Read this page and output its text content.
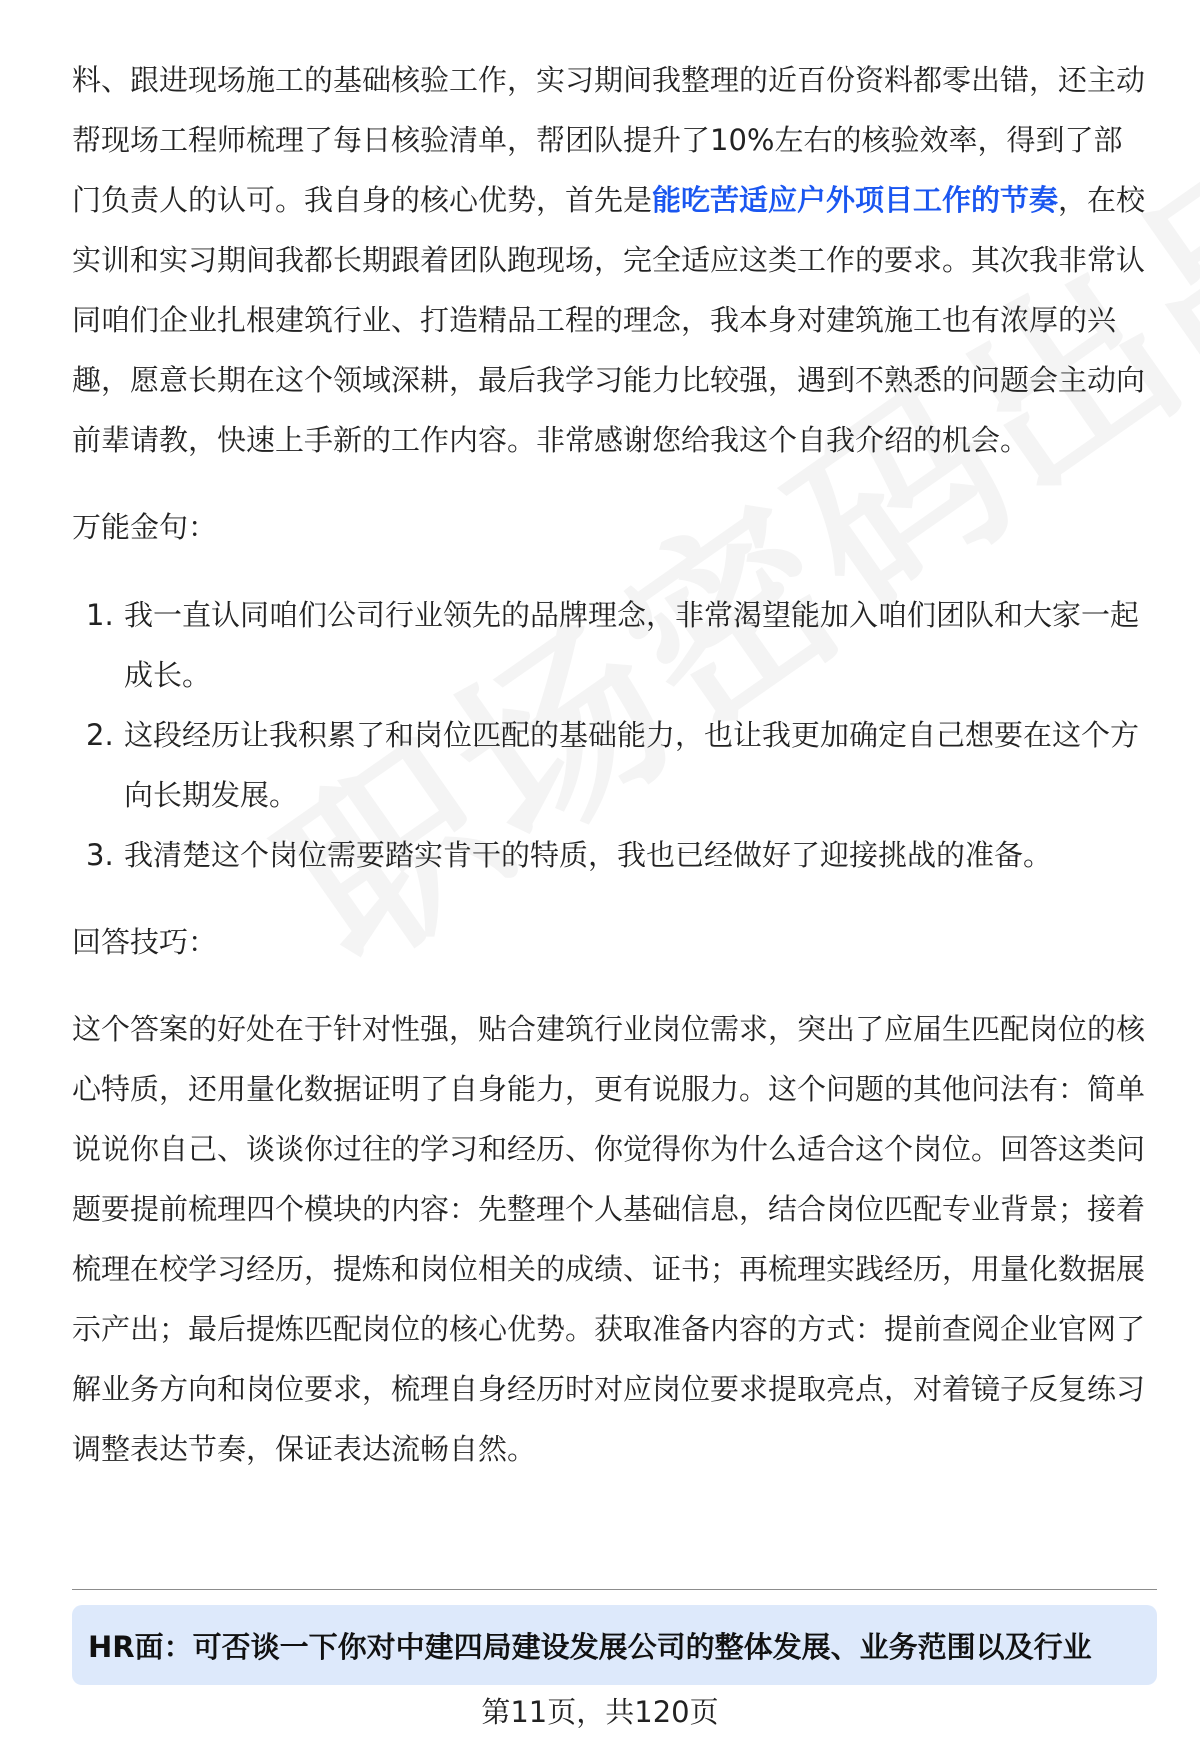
料、跟进现场施工的基础核验工作，实习期间我整理的近百份资料都零出错，还主动帮现场工程师梳理了每日核验清单，帮团队提升了10%左右的核验效率，得到了部门负责人的认可。我自身的核心优势，首先是能吃苦适应户外项目工作的节奏，在校实训和实习期间我都长期跟着团队跑现场，完全适应这类工作的要求。其次我非常认同咱们企业扎根建筑行业、打造精品工程的理念，我本身对建筑施工也有浓厚的兴趣，愿意长期在这个领域深耕，最后我学习能力比较强，遇到不熟悉的问题会主动向前辈请教，快速上手新的工作内容。非常感谢您给我这个自我介绍的机会。

万能金句：

1. 我一直认同咱们公司行业领先的品牌理念，非常渴望能加入咱们团队和大家一起成长。
2. 这段经历让我积累了和岗位匹配的基础能力，也让我更加确定自己想要在这个方向长期发展。
3. 我清楚这个岗位需要踏实肯干的特质，我也已经做好了迎接挑战的准备。

回答技巧：

这个答案的好处在于针对性强，贴合建筑行业岗位需求，突出了应届生匹配岗位的核心特质，还用量化数据证明了自身能力，更有说服力。这个问题的其他问法有：简单说说你自己、谈谈你过往的学习和经历、你觉得你为什么适合这个岗位。回答这类问题要提前梳理四个模块的内容：先整理个人基础信息，结合岗位匹配专业背景；接着梳理在校学习经历，提炼和岗位相关的成绩、证书；再梳理实践经历，用量化数据展示产出；最后提炼匹配岗位的核心优势。获取准备内容的方式：提前查阅企业官网了解业务方向和岗位要求，梳理自身经历时对应岗位要求提取亮点，对着镜子反复练习调整表达节奏，保证表达流畅自然。

HR面：可否谈一下你对中建四局建设发展公司的整体发展、业务范围以及行业
第11页，共120页
